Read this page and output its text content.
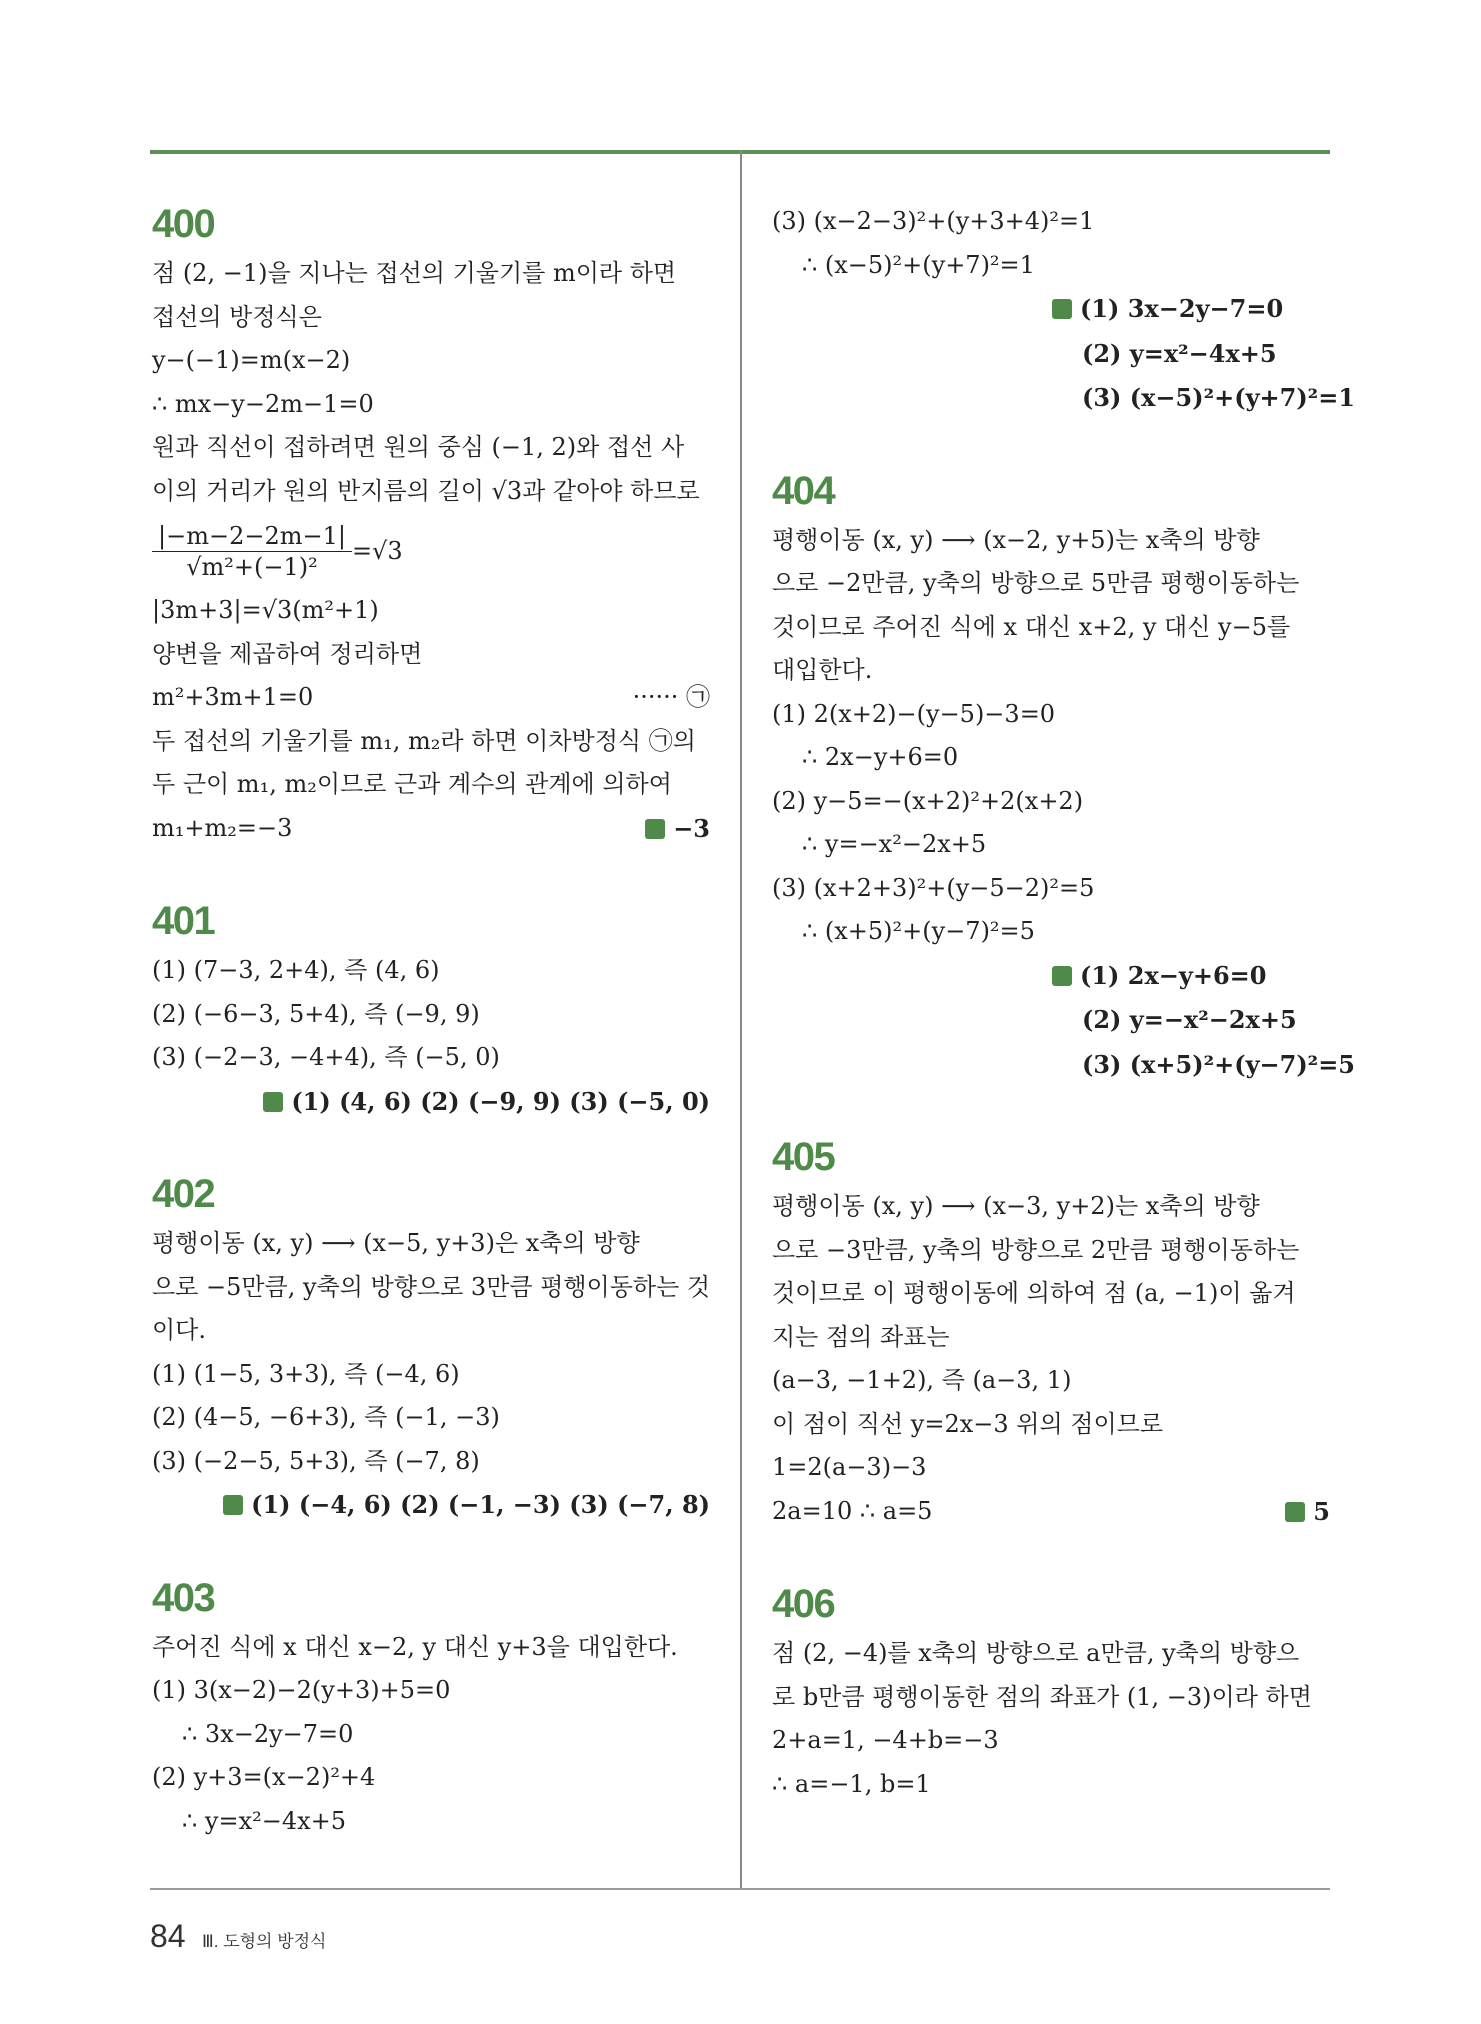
400
점 (2, −1)을 지나는 접선의 기울기를 m이라 하면
접선의 방정식은
y−(−1)=m(x−2)
∴ mx−y−2m−1=0
원과 직선이 접하려면 원의 중심 (−1, 2)와 접선 사
이의 거리가 원의 반지름의 길이 √3과 같아야 하므로
$\frac{|-m-2-2m-1|}{\text{√m²+(−1)²}} =√3$
|3m+3|=√3(m²+1)
양변을 제곱하여 정리하면
m²+3m+1=0	······ ㉠
두 접선의 기울기를 m₁, m₂라 하면 이차방정식 ㉠의
두 근이 m₁, m₂이므로 근과 계수의 관계에 의하여
m₁+m₂=−3	−3
401
(1) (7−3, 2+4), 즉 (4, 6)
(2) (−6−3, 5+4), 즉 (−9, 9)
(3) (−2−3, −4+4), 즉 (−5, 0)
(1) (4, 6) (2) (−9, 9) (3) (−5, 0)
402
평행이동 (x, y) ⟶ (x−5, y+3)은 x축의 방향
으로 −5만큼, y축의 방향으로 3만큼 평행이동하는 것
이다.
(1) (1−5, 3+3), 즉 (−4, 6)
(2) (4−5, −6+3), 즉 (−1, −3)
(3) (−2−5, 5+3), 즉 (−7, 8)
(1) (−4, 6) (2) (−1, −3) (3) (−7, 8)
403
주어진 식에 x 대신 x−2, y 대신 y+3을 대입한다.
(1) 3(x−2)−2(y+3)+5=0
∴ 3x−2y−7=0
(2) y+3=(x−2)²+4
∴ y=x²−4x+5
(3) (x−2−3)²+(y+3+4)²=1
∴ (x−5)²+(y+7)²=1
(1) 3x−2y−7=0
(2) y=x²−4x+5
(3) (x−5)²+(y+7)²=1
404
평행이동 (x, y) ⟶ (x−2, y+5)는 x축의 방향
으로 −2만큼, y축의 방향으로 5만큼 평행이동하는
것이므로 주어진 식에 x 대신 x+2, y 대신 y−5를
대입한다.
(1) 2(x+2)−(y−5)−3=0
∴ 2x−y+6=0
(2) y−5=−(x+2)²+2(x+2)
∴ y=−x²−2x+5
(3) (x+2+3)²+(y−5−2)²=5
∴ (x+5)²+(y−7)²=5
(1) 2x−y+6=0
(2) y=−x²−2x+5
(3) (x+5)²+(y−7)²=5
405
평행이동 (x, y) ⟶ (x−3, y+2)는 x축의 방향
으로 −3만큼, y축의 방향으로 2만큼 평행이동하는
것이므로 이 평행이동에 의하여 점 (a, −1)이 옮겨
지는 점의 좌표는
(a−3, −1+2), 즉 (a−3, 1)
이 점이 직선 y=2x−3 위의 점이므로
1=2(a−3)−3
2a=10 ∴ a=5	5
406
점 (2, −4)를 x축의 방향으로 a만큼, y축의 방향으
로 b만큼 평행이동한 점의 좌표가 (1, −3)이라 하면
2+a=1, −4+b=−3
∴ a=−1, b=1
84 Ⅲ. 도형의 방정식
